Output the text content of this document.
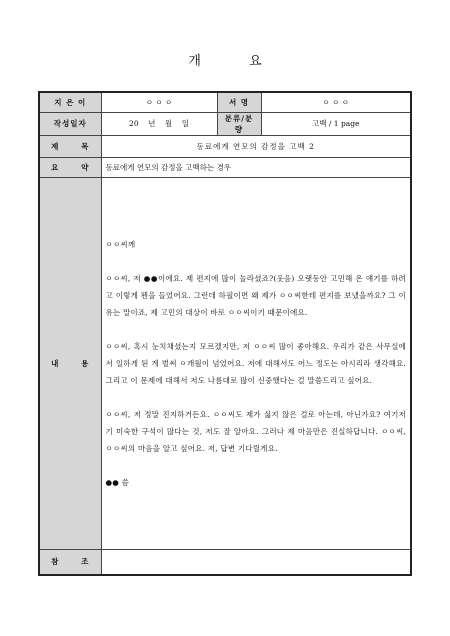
개 요
지 은 이	ㅇ ㅇ ㅇ	서 명	ㅇ ㅇ ㅇ
작성일자	20    년    월    일	분류/분량	고백 / 1 page
제      목	동료에게 연모의 감정을 고백 2		
요      약	동료에게 연모의 감정을 고백하는 경우		
내      용	ㅇㅇ씨께

ㅇㅇ씨, 저 ●●이에요. 제 편지에 많이 놀라셨죠?(웃음) 오랫동안 고민해 온 얘기를 하려고 이렇게 펜을 들었어요. 그런데 하필이면 왜 제가 ㅇㅇ씨한테 편지를 보냈을까요? 그 이유는 말이죠, 제 고민의 대상이 바로 ㅇㅇ씨이기 때문이에요.

ㅇㅇ씨, 혹시 눈치채셨는지 모르겠지만, 저 ㅇㅇ씨 많이 좋아해요. 우리가 같은 사무실에서 일하게 된 게 벌써 ㅇ개월이 넘었어요. 저에 대해서도 어느 정도는 아시리라 생각해요. 그리고 이 문제에 대해서 저도 나름대로 많이 신중했다는 걸 말씀드리고 싶어요.

ㅇㅇ씨, 저 정말 진지하거든요. ㅇㅇ씨도 제가 싫지 않은 걸로 아는데, 아닌가요? 여기저기 미숙한 구석이 많다는 것, 저도 잘 알아요. 그러나 제 마음만은 진실하답니다. ㅇㅇ씨, ㅇㅇ씨의 마음을 알고 싶어요. 저, 답변 기다릴게요.

●● 씀		

참      조			
